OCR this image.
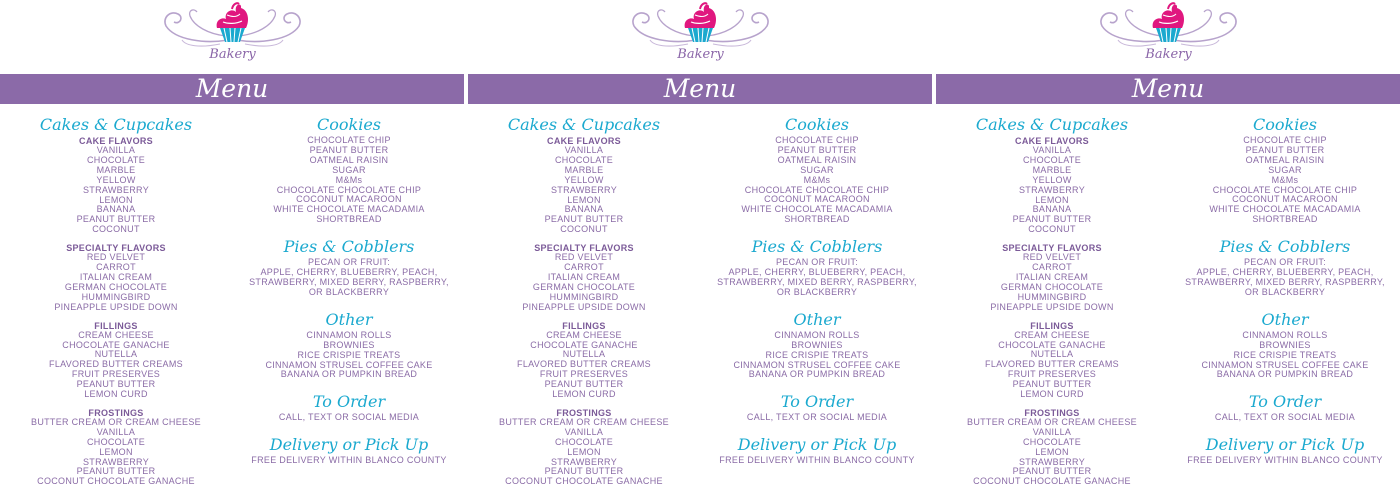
Bakery
Menu
Cakes & Cupcakes
CAKE FLAVORS
VANILLA
CHOCOLATE
MARBLE
YELLOW
STRAWBERRY
LEMON
BANANA
PEANUT BUTTER
COCONUT
SPECIALTY FLAVORS
RED VELVET
CARROT
ITALIAN CREAM
GERMAN CHOCOLATE
HUMMINGBIRD
PINEAPPLE UPSIDE DOWN
FILLINGS
CREAM CHEESE
CHOCOLATE GANACHE
NUTELLA
FLAVORED BUTTER CREAMS
FRUIT PRESERVES
PEANUT BUTTER
LEMON CURD
FROSTINGS
BUTTER CREAM OR CREAM CHEESE
VANILLA
CHOCOLATE
LEMON
STRAWBERRY
PEANUT BUTTER
COCONUT CHOCOLATE GANACHE
Cookies
CHOCOLATE CHIP
PEANUT BUTTER
OATMEAL RAISIN
SUGAR
M&Ms
CHOCOLATE CHOCOLATE CHIP
COCONUT MACAROON
WHITE CHOCOLATE MACADAMIA
SHORTBREAD
Pies & Cobblers
PECAN OR FRUIT:
APPLE, CHERRY, BLUEBERRY, PEACH,
STRAWBERRY, MIXED BERRY, RASPBERRY,
OR BLACKBERRY
Other
CINNAMON ROLLS
BROWNIES
RICE CRISPIE TREATS
CINNAMON STRUSEL COFFEE CAKE
BANANA OR PUMPKIN BREAD
To Order
CALL, TEXT OR SOCIAL MEDIA
Delivery or Pick Up
FREE DELIVERY WITHIN BLANCO COUNTY
Bakery
Menu
Cakes & Cupcakes
CAKE FLAVORS
VANILLA
CHOCOLATE
MARBLE
YELLOW
STRAWBERRY
LEMON
BANANA
PEANUT BUTTER
COCONUT
SPECIALTY FLAVORS
RED VELVET
CARROT
ITALIAN CREAM
GERMAN CHOCOLATE
HUMMINGBIRD
PINEAPPLE UPSIDE DOWN
FILLINGS
CREAM CHEESE
CHOCOLATE GANACHE
NUTELLA
FLAVORED BUTTER CREAMS
FRUIT PRESERVES
PEANUT BUTTER
LEMON CURD
FROSTINGS
BUTTER CREAM OR CREAM CHEESE
VANILLA
CHOCOLATE
LEMON
STRAWBERRY
PEANUT BUTTER
COCONUT CHOCOLATE GANACHE
Cookies
CHOCOLATE CHIP
PEANUT BUTTER
OATMEAL RAISIN
SUGAR
M&Ms
CHOCOLATE CHOCOLATE CHIP
COCONUT MACAROON
WHITE CHOCOLATE MACADAMIA
SHORTBREAD
Pies & Cobblers
PECAN OR FRUIT:
APPLE, CHERRY, BLUEBERRY, PEACH,
STRAWBERRY, MIXED BERRY, RASPBERRY,
OR BLACKBERRY
Other
CINNAMON ROLLS
BROWNIES
RICE CRISPIE TREATS
CINNAMON STRUSEL COFFEE CAKE
BANANA OR PUMPKIN BREAD
To Order
CALL, TEXT OR SOCIAL MEDIA
Delivery or Pick Up
FREE DELIVERY WITHIN BLANCO COUNTY
Bakery
Menu
Cakes & Cupcakes
CAKE FLAVORS
VANILLA
CHOCOLATE
MARBLE
YELLOW
STRAWBERRY
LEMON
BANANA
PEANUT BUTTER
COCONUT
SPECIALTY FLAVORS
RED VELVET
CARROT
ITALIAN CREAM
GERMAN CHOCOLATE
HUMMINGBIRD
PINEAPPLE UPSIDE DOWN
FILLINGS
CREAM CHEESE
CHOCOLATE GANACHE
NUTELLA
FLAVORED BUTTER CREAMS
FRUIT PRESERVES
PEANUT BUTTER
LEMON CURD
FROSTINGS
BUTTER CREAM OR CREAM CHEESE
VANILLA
CHOCOLATE
LEMON
STRAWBERRY
PEANUT BUTTER
COCONUT CHOCOLATE GANACHE
Cookies
CHOCOLATE CHIP
PEANUT BUTTER
OATMEAL RAISIN
SUGAR
M&Ms
CHOCOLATE CHOCOLATE CHIP
COCONUT MACAROON
WHITE CHOCOLATE MACADAMIA
SHORTBREAD
Pies & Cobblers
PECAN OR FRUIT:
APPLE, CHERRY, BLUEBERRY, PEACH,
STRAWBERRY, MIXED BERRY, RASPBERRY,
OR BLACKBERRY
Other
CINNAMON ROLLS
BROWNIES
RICE CRISPIE TREATS
CINNAMON STRUSEL COFFEE CAKE
BANANA OR PUMPKIN BREAD
To Order
CALL, TEXT OR SOCIAL MEDIA
Delivery or Pick Up
FREE DELIVERY WITHIN BLANCO COUNTY
